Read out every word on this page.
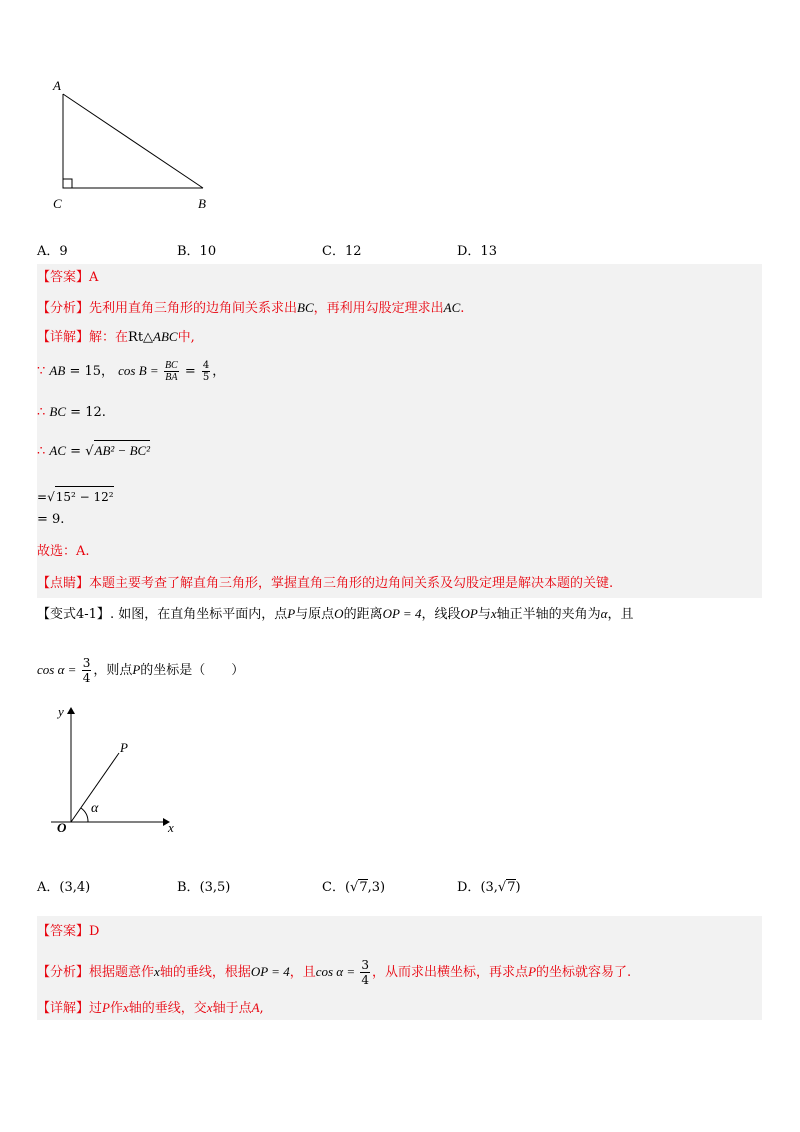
A
C	B
A．9	B．10	C．12	D．13
【答案】A
【分析】先利用直角三角形的边角间关系求出BC，再利用勾股定理求出AC.
【详解】解：在Rt△ABC中,
∵ AB = 15， $\cos B = \frac{BC}{BA} = \frac{4}{5}$ ，
∴ BC = 12.
∴ AC = √AB² − BC²
=√15² − 12²
= 9.
故选：A.
【点睛】本题主要考查了解直角三角形，掌握直角三角形的边角间关系及勾股定理是解决本题的关键.
【变式4-1】. 如图，在直角坐标平面内，点P与原点O的距离OP = 4，线段OP与x轴正半轴的夹角为α，且
$\cos \alpha = \frac{3}{4}$ ，则点P的坐标是（　　）
y
x
O
P
α
A．(3,4)	B．(3,5)	C．(√7,3)	D．(3,√7)
【答案】D
【分析】根据题意作x轴的垂线，根据OP = 4，且$\cos \alpha = \frac{3}{4}$ ，从而求出横坐标，再求点P的坐标就容易了.
【详解】过P作x轴的垂线，交x轴于点A,
